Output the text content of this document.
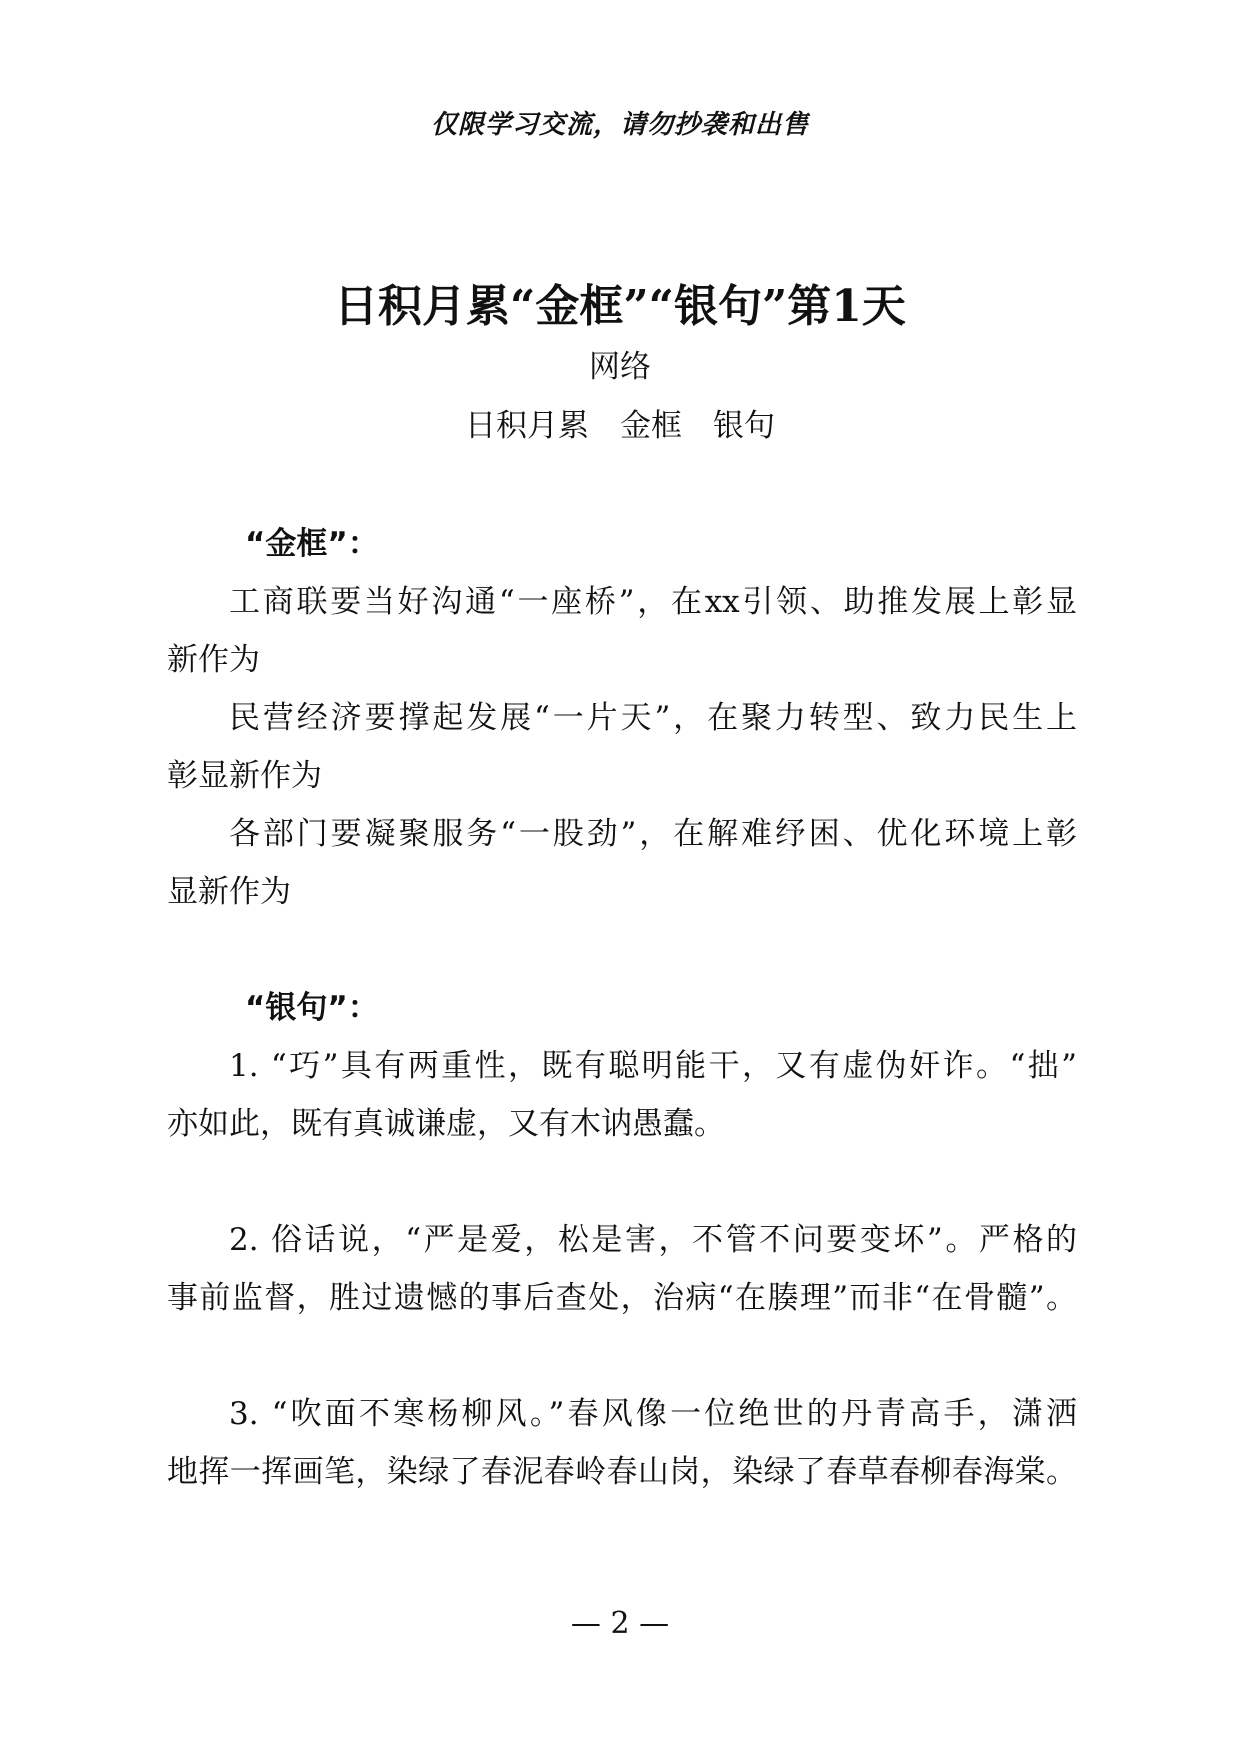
仅限学习交流，请勿抄袭和出售
日积月累“金框”“银句”第1天
网络
日积月累　金框　银句
“金框”：
工商联要当好沟通“一座桥”，在xx引领、助推发展上彰显
新作为
民营经济要撑起发展“一片天”，在聚力转型、致力民生上
彰显新作为
各部门要凝聚服务“一股劲”，在解难纾困、优化环境上彰
显新作为
“银句”：
1. “巧”具有两重性，既有聪明能干，又有虚伪奸诈。“拙”
亦如此，既有真诚谦虚，又有木讷愚蠢。
2. 俗话说，“严是爱，松是害，不管不问要变坏”。严格的
事前监督，胜过遗憾的事后查处，治病“在腠理”而非“在骨髓”。
3. “吹面不寒杨柳风。”春风像一位绝世的丹青高手，潇洒
地挥一挥画笔，染绿了春泥春岭春山岗，染绿了春草春柳春海棠。
— 2 —
